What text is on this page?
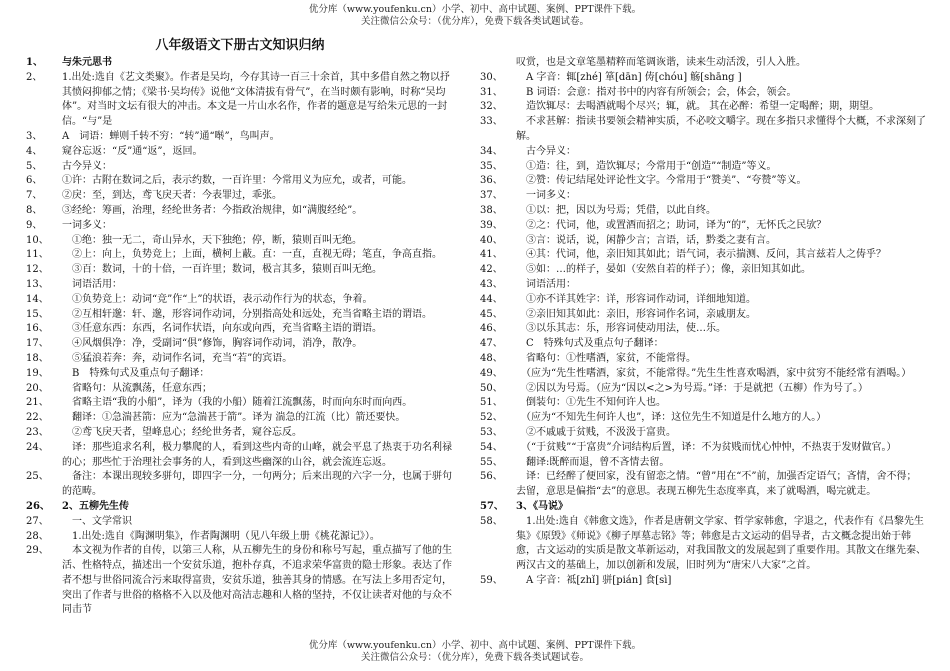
优分库（www.youfenku.cn）小学、初中、高中试题、案例、PPT课件下载。
关注微信公众号：（优分库），免费下载各类试题试卷。
八年级语文下册古文知识归纳
1、	与朱元思书
2、	1.出处:选自《艺文类聚》。作者是吴均，今存其诗一百三十余首，其中多借自然之物以抒其愤闷抑郁之情；《梁书·吴均传》说他“文体清拔有骨气”，在当时颇有影响，时称“吴均体”。对当时文坛有很大的冲击。本文是一片山水名作，作者的题意是写给朱元思的一封信。“与”是
3、	A　词语：蝉则千转不穷：“转”通“啭”，鸟叫声。
4、	窥谷忘返：“反”通“返”，返回。
5、	古今异义：
6、	①许：古附在数词之后，表示约数，一百许里：今常用义为应允，或者，可能。
7、	②戾：至，到达，鸢飞戾天者：今表罪过，乖张。
8、	③经纶：筹画，治理，经纶世务者：今指政治规律，如“满腹经纶”。
9、	一词多义：
10、	　①绝：独一无二，奇山异水，天下独绝；停，断，猿则百叫无绝。
11、	　②上：向上，负势竞上；上面，横柯上蔽。直：一直，直视无碍；笔直，争高直指。
12、	　③百：数词，十的十倍，一百许里；数词，极言其多，猿则百叫无绝。
13、	　词语活用：
14、	　①负势竞上：动词“竞”作“上”的状语，表示动作行为的状态，争着。
15、	　②互相轩邈：轩、邈，形容词作动词，分别指高处和远处，充当省略主语的谓语。
16、	　③任意东西：东西，名词作状语，向东或向西，充当省略主语的谓语。
17、	　④风烟俱净：净，受副词“俱”修饰，胸容词作动词，消净，散净。
18、	　⑤猛浪若奔：奔，动词作名词，充当“若”的宾语。
19、	　B　特殊句式及重点句子翻译：
20、	　省略句：从流飘荡，任意东西；
21、	　省略主语“我的小船”，译为（我的小船）随着江流飘荡，时而向东时而向西。
22、	　翻译：①急湍甚箭：应为“急湍甚于箭”。译为 湍急的江流（比）箭还要快。
23、	　②鸢飞戾天者，望峰息心；经纶世务者，窥谷忘反。
24、	　译：那些追求名利，极力攀爬的人，看到这些内奇的山峰，就会平息了热衷于功名利禄的心；那些忙于治理社会事务的人，看到这些幽深的山谷，就会流连忘返。
25、	　备注：本课出现较多骈句，即四字一分，一句两分；后来出现的六字一分，也属于骈句的范畴。
26、	2、五柳先生传
27、	　一、文学常识
28、	　1.出处:选自《陶渊明集》，作者陶渊明（见八年级上册《桃花源记》）。
29、	　本文视为作者的自传，以第三人称，从五柳先生的身份和称号写起，重点描写了他的生活、性格特点，描述出一个安贫乐道，抱朴存真，不追求荣华富贵的隐士形象。表达了作者不想与世俗同流合污来取得富贵，安贫乐道，独善其身的情感。在写法上多用否定句，突出了作者与世俗的格格不入以及他对高洁志趣和人格的坚持，不仅让读者对他的与众不同击节
叹赏，也是文章笔墨精粹而笔调诙谐，读来生动活泼，引人入胜。
30、	　A 字音：辄[zhé] 箪[dān] 俦[chóu] 觞[shāng ]
31、	　B 词语：会意：指对书中的内容有所领会；会，体会，领会。
32、	　造饮辄尽：去喝酒就喝个尽兴；辄，就。 其在必醉：希望一定喝醉；期，期望。
33、	　不求甚解：指读书要领会精神实质，不必咬文嚼字。现在多指只求懂得个大概，不求深刻了解。
34、	　古今异义：
35、	　①造：往，到，造饮辄尽；今常用于“创造”“制造”等义。
36、	　②赞：传记结尾处评论性文字。今常用于“赞美”、“夸赞”等义。
37、	　一词多义：
38、	　①以：把，因以为号焉；凭借，以此自终。
39、	　②之：代词，他，或置酒而招之；助词，译为“的”，无怀氏之民欤？
40、	　③言：说话，说，闲静少言；言语，话，黔娄之妻有言。
41、	　④其：代词，他，亲旧知其如此；语气词，表示揣测、反问，其言兹若人之俦乎？
42、	　⑤如：…的样子，晏如（安然自若的样子）；像，亲旧知其如此。
43、	　词语活用：
44、	　①亦不详其姓字：详，形容词作动词，详细地知道。
45、	　②亲旧知其如此：亲旧，形容词作名词，亲戚朋友。
46、	　③以乐其志：乐，形容词使动用法，使…乐。
47、	　C　特殊句式及重点句子翻译：
48、	　省略句：①性嗜酒，家贫，不能常得。
49、	　（应为“先生性嗜酒，家贫，不能常得。”先生生性喜欢喝酒，家中贫穷不能经常有酒喝。）
50、	　②因以为号焉。（应为“因以<之>为号焉。”译：于是就把（五柳）作为号了。）
51、	　倒装句：①先生不知何许人也。
52、	　（应为“不知先生何许人也”，译：这位先生不知道是什么地方的人。）
53、	　②不戚戚于贫贱，不汲汲于富贵。
54、	　（“于贫贱”“于富贵”介词结构后置，译：不为贫贱而忧心忡忡，不热衷于发财做官。）
55、	　翻译:既醉而退，曾不吝情去留。
56、	　译：已经醉了便回家，没有留恋之情。“曾”用在“不”前，加强否定语气；吝情，舍不得；去留，意思是偏指“去”的意思。表现五柳先生态度率真，来了就喝酒，喝完就走。
57、	3、《马说》
58、	　1.出处:选自《韩愈文选》，作者是唐朝文学家、哲学家韩愈，字退之，代表作有《昌黎先生集》《原毁》《师说》《柳子厚墓志铭》等；韩愈是古文运动的倡导者，古文概念提出始于韩愈，古文运动的实质是散文革新运动，对我国散文的发展起到了重要作用。其散文在继先秦、两汉古文的基础上，加以创新和发展，旧时列为“唐宋八大家”之首。
59、	　A 字音：祗[zhǐ] 骈[pián] 食[sì]
优分库（www.youfenku.cn）小学、初中、高中试题、案例、PPT课件下载。
关注微信公众号：（优分库），免费下载各类试题试卷。
